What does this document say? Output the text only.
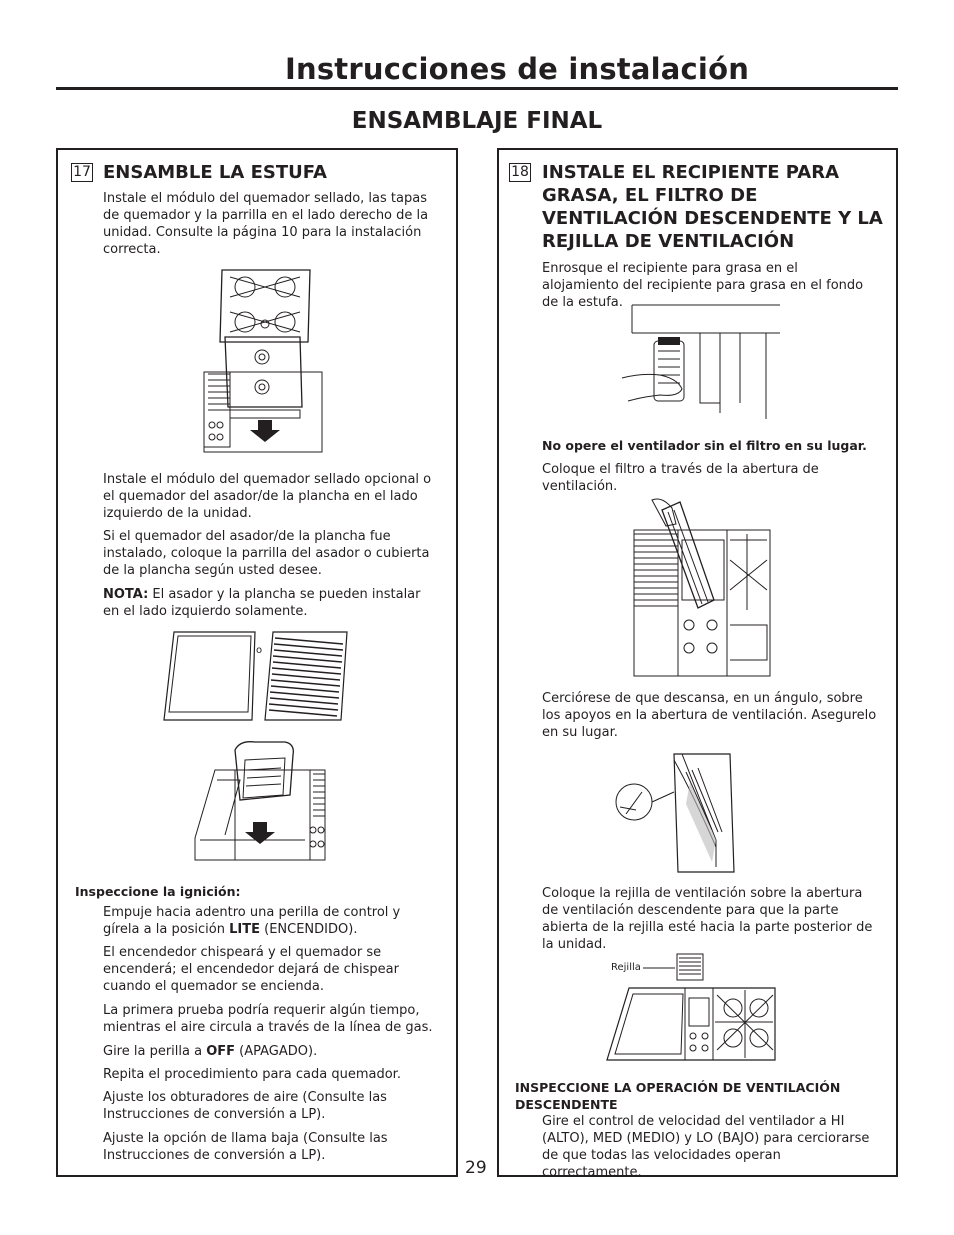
Instrucciones de instalación
ENSAMBLAJE FINAL
17 ENSAMBLE LA ESTUFA
Instale el módulo del quemador sellado, las tapas de quemador y la parrilla en el lado derecho de la unidad. Consulte la página 10 para la instalación correcta.
Instale el módulo del quemador sellado opcional o el quemador del asador/de la plancha en el lado izquierdo de la unidad.
Si el quemador del asador/de la plancha fue instalado, coloque la parrilla del asador o cubierta de la plancha según usted desee.
NOTA: El asador y la plancha se pueden instalar en el lado izquierdo solamente.
o
Inspeccione la ignición:
Empuje hacia adentro una perilla de control y gírela a la posición LITE (ENCENDIDO).
El encendedor chispeará y el quemador se encenderá; el encendedor dejará de chispear cuando el quemador se encienda.
La primera prueba podría requerir algún tiempo, mientras el aire circula a través de la línea de gas.
Gire la perilla a OFF (APAGADO).
Repita el procedimiento para cada quemador.
Ajuste los obturadores de aire (Consulte las Instrucciones de conversión a LP).
Ajuste la opción de llama baja (Consulte las Instrucciones de conversión a LP).
29
18 INSTALE EL RECIPIENTE PARA GRASA, EL FILTRO DE VENTILACIÓN DESCENDENTE Y LA REJILLA DE VENTILACIÓN
Enrosque el recipiente para grasa en el alojamiento del recipiente para grasa en el fondo de la estufa.
No opere el ventilador sin el filtro en su lugar.
Coloque el filtro a través de la abertura de ventilación.
Cerciórese de que descansa, en un ángulo, sobre los apoyos en la abertura de ventilación. Asegurelo en su lugar.
Coloque la rejilla de ventilación sobre la abertura de ventilación descendente para que la parte abierta de la rejilla esté hacia la parte posterior de la unidad.
Rejilla
INSPECCIONE LA OPERACIÓN DE VENTILACIÓN DESCENDENTE
Gire el control de velocidad del ventilador a HI (ALTO), MED (MEDIO) y LO (BAJO) para cerciorarse de que todas las velocidades operan correctamente.
